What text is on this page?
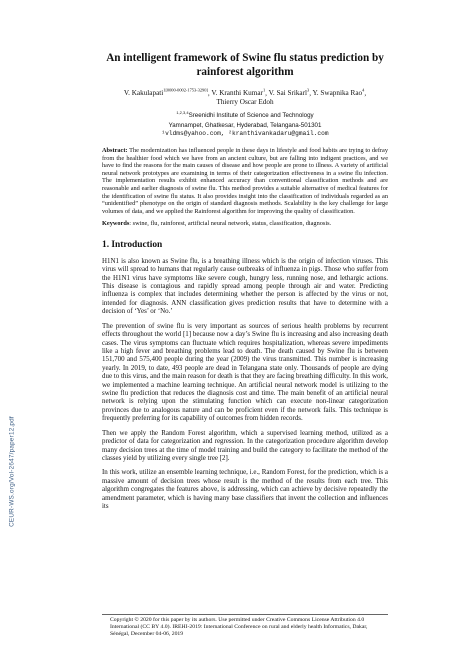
CEUR-WS.org/Vol-2647/paper12.pdf
An intelligent framework of Swine flu status prediction by rainforest algorithm
V. Kakulapati$^{1[0000-0002-1753-3290]}$, V. Kranthi Kumar$^1$, V. Sai Srikarl$^3$, Y. Swapnika Rao$^4$,
Thierry Oscar Edoh
$^{1,2,3,4}$Sreenidhi Institute of Science and Technology
Yamnampet, Ghatkesar, Hyderabad, Telangana-501301
¹vldms@yahoo.com, ²kranthivankadaru@gmail.com
Abstract: The modernization has influenced people in these days in lifestyle and food habits are trying to defray from the healthier food which we have from an ancient culture, but are falling into indigent practices, and we have to find the reasons for the main causes of disease and how people are prone to illness. A variety of artificial neural network prototypes are examining in terms of their categorization effectiveness in a swine flu infection. The implementation results exhibit enhanced accuracy than conventional classification methods and are reasonable and earlier diagnosis of swine flu. This method provides a suitable alternative of medical features for the identification of swine flu status. It also provides insight into the classification of individuals regarded as an “unidentified” phenotype on the origin of standard diagnosis methods. Scalability is the key challenge for large volumes of data, and we applied the Rainforest algorithm for improving the quality of classification.
Keywords: swine, flu, rainforest, artificial neural network, status, classification, diagnosis.
1. Introduction

H1N1 is also known as Swine flu, is a breathing illness which is the origin of infection viruses. This virus will spread to humans that regularly cause outbreaks of influenza in pigs. Those who suffer from the H1N1 virus have symptoms like severe cough, hungry less, running nose, and lethargic actions. This disease is contagious and rapidly spread among people through air and water. Predicting influenza is complex that includes determining whether the person is affected by the virus or not, intended for diagnosis. ANN classification gives prediction results that have to determine with a decision of ‘Yes’ or ‘No.’

The prevention of swine flu is very important as sources of serious health problems by recurrent effects throughout the world [1] because now a day’s Swine flu is increasing and also increasing death cases. The virus symptoms can fluctuate which requires hospitalization, whereas severe impediments like a high fever and breathing problems lead to death. The death caused by Swine flu is between 151,700 and 575,400 people during the year (2009) the virus transmitted. This number is increasing yearly. In 2019, to date, 493 people are dead in Telangana state only. Thousands of people are dying due to this virus, and the main reason for death is that they are facing breathing difficulty. In this work, we implemented a machine learning technique. An artificial neural network model is utilizing to the swine flu prediction that reduces the diagnosis cost and time. The main benefit of an artificial neural network is relying upon the stimulating function which can execute non-linear categorization provinces due to analogous nature and can be proficient even if the network fails. This technique is frequently preferring for its capability of outcomes from hidden records.

Then we apply the Random Forest algorithm, which a supervised learning method, utilized as a predictor of data for categorization and regression. In the categorization procedure algorithm develop many decision trees at the time of model training and build the category to facilitate the method of the classes yield by utilizing every single tree [2].

In this work, utilize an ensemble learning technique, i.e., Random Forest, for the prediction, which is a massive amount of decision trees whose result is the method of the results from each tree. This algorithm congregates the features above, is addressing, which can achieve by decisive repeatedly the amendment parameter, which is having many base classifiers that invent the collection and influences its

Copyright © 2020 for this paper by its authors. Use permitted under Creative Commons License Attribution 4.0 International (CC BY 4.0). IREHI-2019: International Conference on rural and elderly health Informatics, Dakar, Sénégal, December 04-06, 2019
